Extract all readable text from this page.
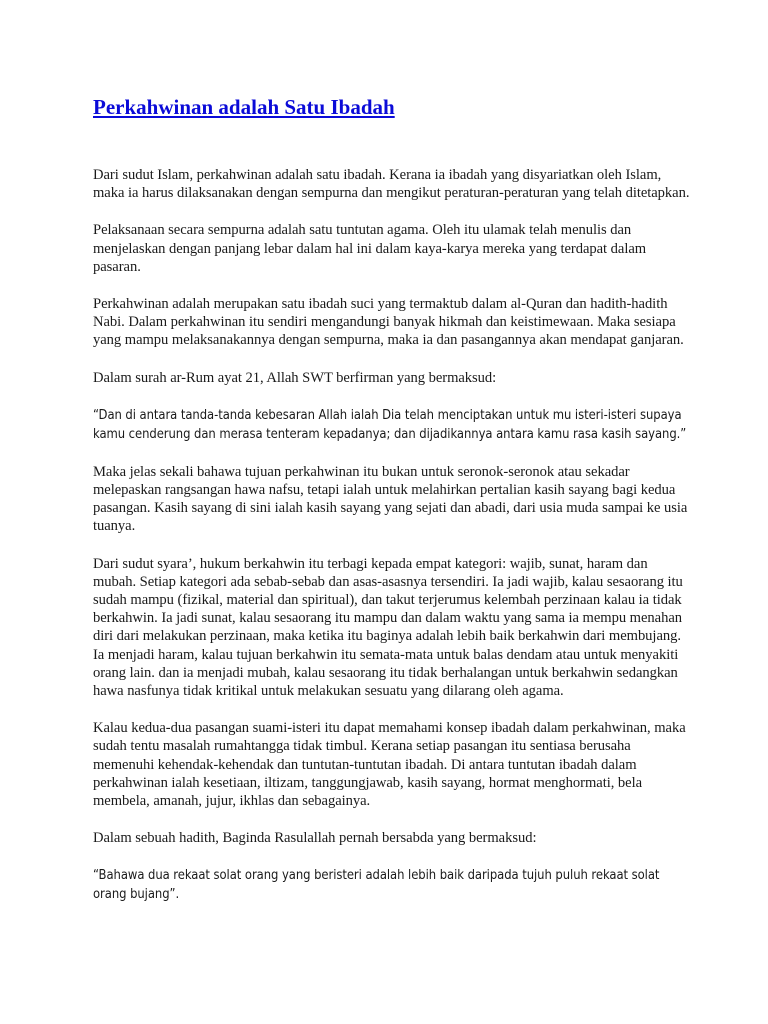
Perkahwinan adalah Satu Ibadah

Dari sudut Islam, perkahwinan adalah satu ibadah. Kerana ia ibadah yang disyariatkan oleh Islam, maka ia harus dilaksanakan dengan sempurna dan mengikut peraturan-peraturan yang telah ditetapkan.

Pelaksanaan secara sempurna adalah satu tuntutan agama. Oleh itu ulamak telah menulis dan menjelaskan dengan panjang lebar dalam hal ini dalam kaya-karya mereka yang terdapat dalam pasaran.

Perkahwinan adalah merupakan satu ibadah suci yang termaktub dalam al-Quran dan hadith-hadith Nabi. Dalam perkahwinan itu sendiri mengandungi banyak hikmah dan keistimewaan. Maka sesiapa yang mampu melaksanakannya dengan sempurna, maka ia dan pasangannya akan mendapat ganjaran.

Dalam surah ar-Rum ayat 21, Allah SWT berfirman yang bermaksud:

“Dan di antara tanda-tanda kebesaran Allah ialah Dia telah menciptakan untuk mu isteri-isteri supaya kamu cenderung dan merasa tenteram kepadanya; dan dijadikannya antara kamu rasa kasih sayang.”

Maka jelas sekali bahawa tujuan perkahwinan itu bukan untuk seronok-seronok atau sekadar melepaskan rangsangan hawa nafsu, tetapi ialah untuk melahirkan pertalian kasih sayang bagi kedua pasangan. Kasih sayang di sini ialah kasih sayang yang sejati dan abadi, dari usia muda sampai ke usia tuanya.

Dari sudut syara’, hukum berkahwin itu terbagi kepada empat kategori: wajib, sunat, haram dan mubah. Setiap kategori ada sebab-sebab dan asas-asasnya tersendiri. Ia jadi wajib, kalau sesaorang itu sudah mampu (fizikal, material dan spiritual), dan takut terjerumus kelembah perzinaan kalau ia tidak berkahwin. Ia jadi sunat, kalau sesaorang itu mampu dan dalam waktu yang sama ia mempu menahan diri dari melakukan perzinaan, maka ketika itu baginya adalah lebih baik berkahwin dari membujang. Ia menjadi haram, kalau tujuan berkahwin itu semata-mata untuk balas dendam atau untuk menyakiti orang lain. dan ia menjadi mubah, kalau sesaorang itu tidak berhalangan untuk berkahwin sedangkan hawa nasfunya tidak kritikal untuk melakukan sesuatu yang dilarang oleh agama.

Kalau kedua-dua pasangan suami-isteri itu dapat memahami konsep ibadah dalam perkahwinan, maka sudah tentu masalah rumahtangga tidak timbul. Kerana setiap pasangan itu sentiasa berusaha memenuhi kehendak-kehendak dan tuntutan-tuntutan ibadah. Di antara tuntutan ibadah dalam perkahwinan ialah kesetiaan, iltizam, tanggungjawab, kasih sayang, hormat menghormati, bela membela, amanah, jujur, ikhlas dan sebagainya.

Dalam sebuah hadith, Baginda Rasulallah pernah bersabda yang bermaksud:

“Bahawa dua rekaat solat orang yang beristeri adalah lebih baik daripada tujuh puluh rekaat solat orang bujang”.
